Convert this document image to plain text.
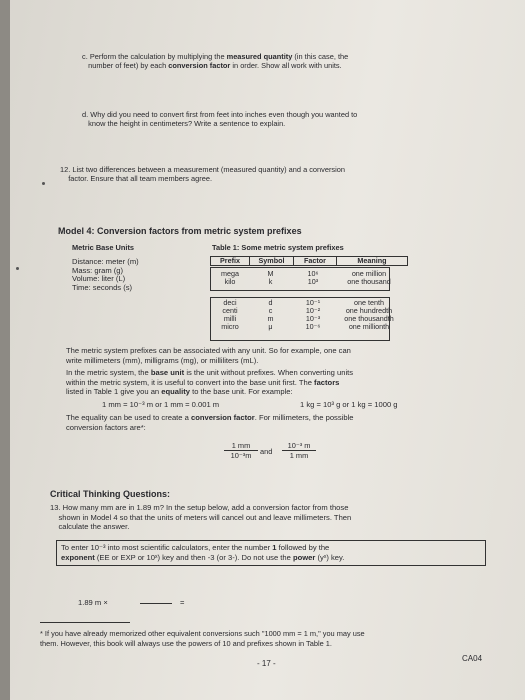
c. Perform the calculation by multiplying the measured quantity (in this case, the
number of feet) by each conversion factor in order. Show all work with units.
d. Why did you need to convert first from feet into inches even though you wanted to
know the height in centimeters? Write a sentence to explain.
12. List two differences between a measurement (measured quantity) and a conversion
factor. Ensure that all team members agree.
Model 4: Conversion factors from metric system prefixes
Metric Base Units
Distance: meter (m)
Mass: gram (g)
Volume: liter (L)
Time: seconds (s)
Table 1: Some metric system prefixes
Prefix	Symbol	Factor	Meaning
mega	M	10⁶	one million
kilo	k	10³	one thousand
deci	d	10⁻¹	one tenth
centi	c	10⁻²	one hundredth
milli	m	10⁻³	one thousandth
micro	μ	10⁻⁶	one millionth
The metric system prefixes can be associated with any unit. So for example, one can
write millimeters (mm), milligrams (mg), or milliliters (mL).
In the metric system, the base unit is the unit without prefixes. When converting units
within the metric system, it is useful to convert into the base unit first. The factors
listed in Table 1 give you an equality to the base unit. For example:
1 mm = 10⁻³ m or 1 mm = 0.001 m	1 kg = 10³ g or 1 kg = 1000 g
The equality can be used to create a conversion factor. For millimeters, the possible
conversion factors are*:
1 mm
10⁻³m	and
10⁻³ m
1 mm
Critical Thinking Questions:
13. How many mm are in 1.89 m? In the setup below, add a conversion factor from those
shown in Model 4 so that the units of meters will cancel out and leave millimeters. Then
calculate the answer.
To enter 10⁻³ into most scientific calculators, enter the number 1 followed by the
exponent (EE or EXP or 10ˣ) key and then -3 (or 3-). Do not use the power (yˣ) key.
1.89 m ×	=
* If you have already memorized other equivalent conversions such "1000 mm = 1 m," you may use
them. However, this book will always use the powers of 10 and prefixes shown in Table 1.
- 17 -
CA04
